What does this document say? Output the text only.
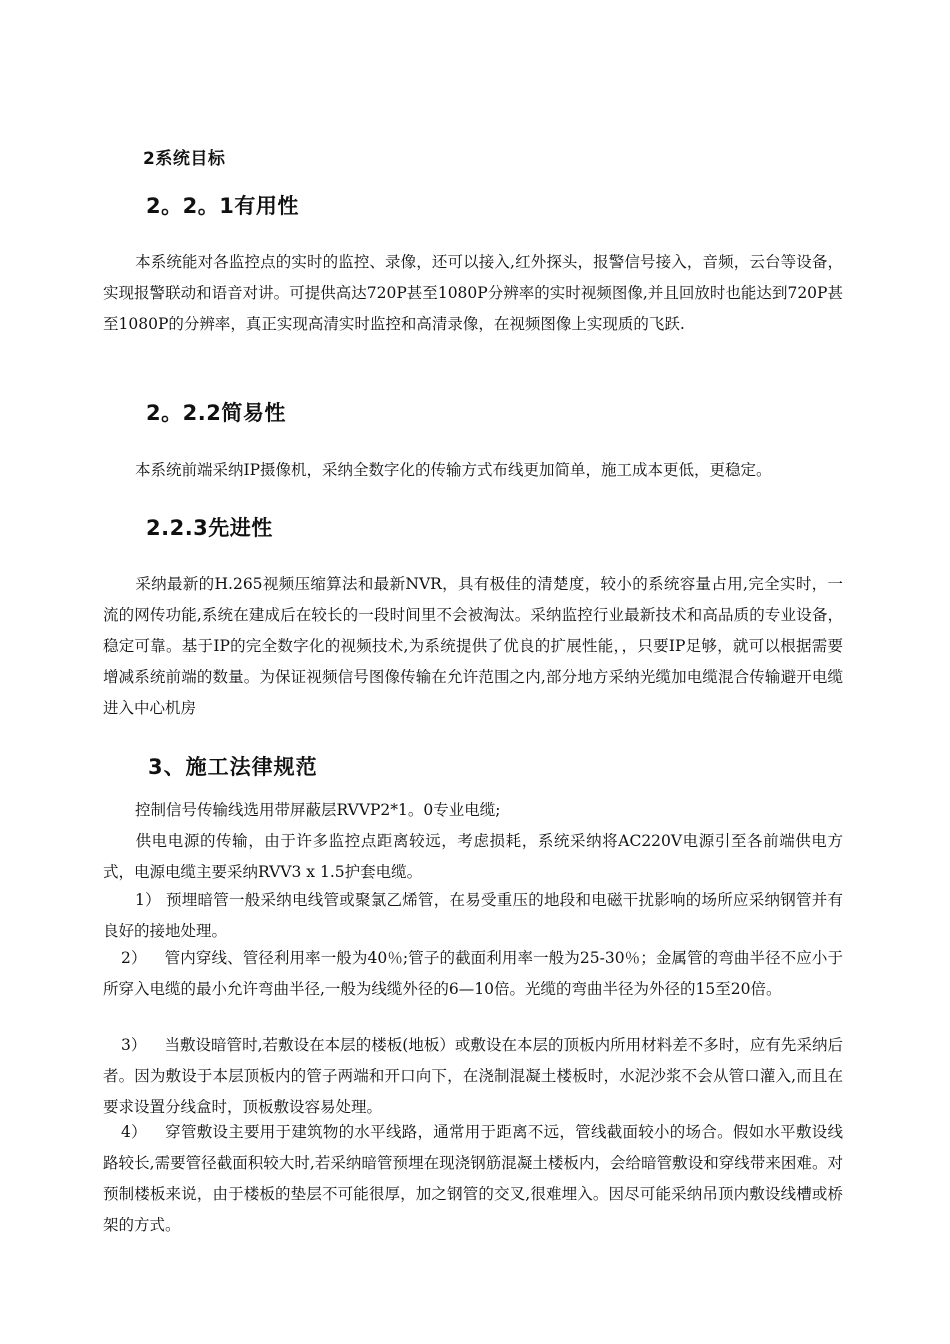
2系统目标
2。2。1有用性

本系统能对各监控点的实时的监控、录像，还可以接入,红外探头，报警信号接入，音频，云台等设备，实现报警联动和语音对讲。可提供高达720P甚至1080P分辨率的实时视频图像,并且回放时也能达到720P甚至1080P的分辨率，真正实现高清实时监控和高清录像，在视频图像上实现质的飞跃.

2。2.2简易性

本系统前端采纳IP摄像机，采纳全数字化的传输方式布线更加简单，施工成本更低，更稳定。

2.2.3先进性

采纳最新的H.265视频压缩算法和最新NVR，具有极佳的清楚度，较小的系统容量占用,完全实时，一流的网传功能,系统在建成后在较长的一段时间里不会被淘汰。采纳监控行业最新技术和高品质的专业设备，稳定可靠。基于IP的完全数字化的视频技术,为系统提供了优良的扩展性能，，只要IP足够，就可以根据需要增减系统前端的数量。为保证视频信号图像传输在允许范围之内,部分地方采纳光缆加电缆混合传输避开电缆进入中心机房

3、施工法律规范

控制信号传输线选用带屏蔽层RVVP2*1。0专业电缆;

供电电源的传输，由于许多监控点距离较远，考虑损耗，系统采纳将AC220V电源引至各前端供电方式，电源电缆主要采纳RVV3 x 1.5护套电缆。

1） 预埋暗管一般采纳电线管或聚氯乙烯管，在易受重压的地段和电磁干扰影响的场所应采纳钢管并有良好的接地处理。

2） 管内穿线、管径利用率一般为40％;管子的截面利用率一般为25-30％；金属管的弯曲半径不应小于所穿入电缆的最小允许弯曲半径,一般为线缆外径的6—10倍。光缆的弯曲半径为外径的15至20倍。

3） 当敷设暗管时,若敷设在本层的楼板(地板）或敷设在本层的顶板内所用材料差不多时，应有先采纳后者。因为敷设于本层顶板内的管子两端和开口向下，在浇制混凝土楼板时，水泥沙浆不会从管口灌入,而且在要求设置分线盒时，顶板敷设容易处理。

4） 穿管敷设主要用于建筑物的水平线路，通常用于距离不远，管线截面较小的场合。假如水平敷设线路较长,需要管径截面积较大时,若采纳暗管预埋在现浇钢筋混凝土楼板内，会给暗管敷设和穿线带来困难。对预制楼板来说，由于楼板的垫层不可能很厚，加之钢管的交叉,很难埋入。因尽可能采纳吊顶内敷设线槽或桥架的方式。
